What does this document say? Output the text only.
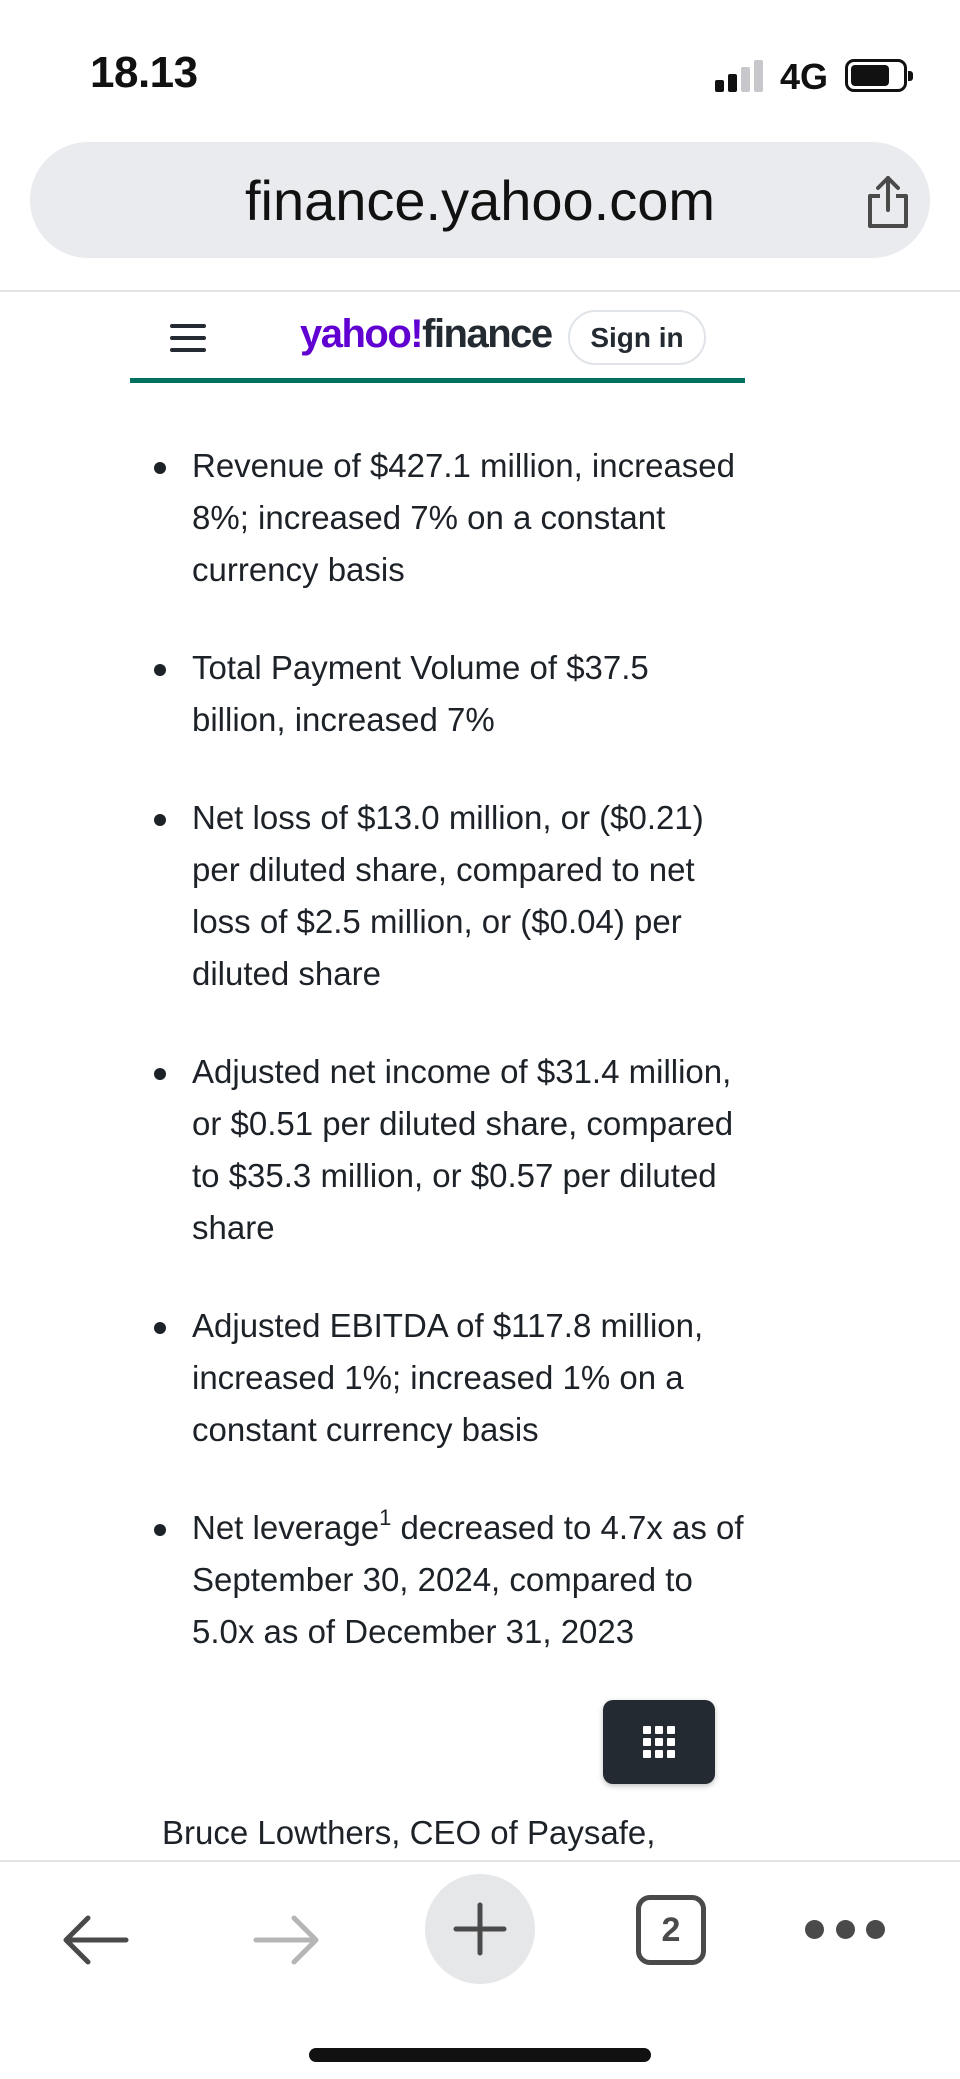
18.13	4G
finance.yahoo.com
yahoo!finance	Sign in
Revenue of $427.1 million, increased 8%; increased 7% on a constant currency basis
Total Payment Volume of $37.5 billion, increased 7%
Net loss of $13.0 million, or ($0.21) per diluted share, compared to net loss of $2.5 million, or ($0.04) per diluted share
Adjusted net income of $31.4 million, or $0.51 per diluted share, compared to $35.3 million, or $0.57 per diluted share
Adjusted EBITDA of $117.8 million, increased 1%; increased 1% on a constant currency basis
Net leverage$^1$ decreased to 4.7x as of September 30, 2024, compared to 5.0x as of December 31, 2023
Bruce Lowthers, CEO of Paysafe,
2
